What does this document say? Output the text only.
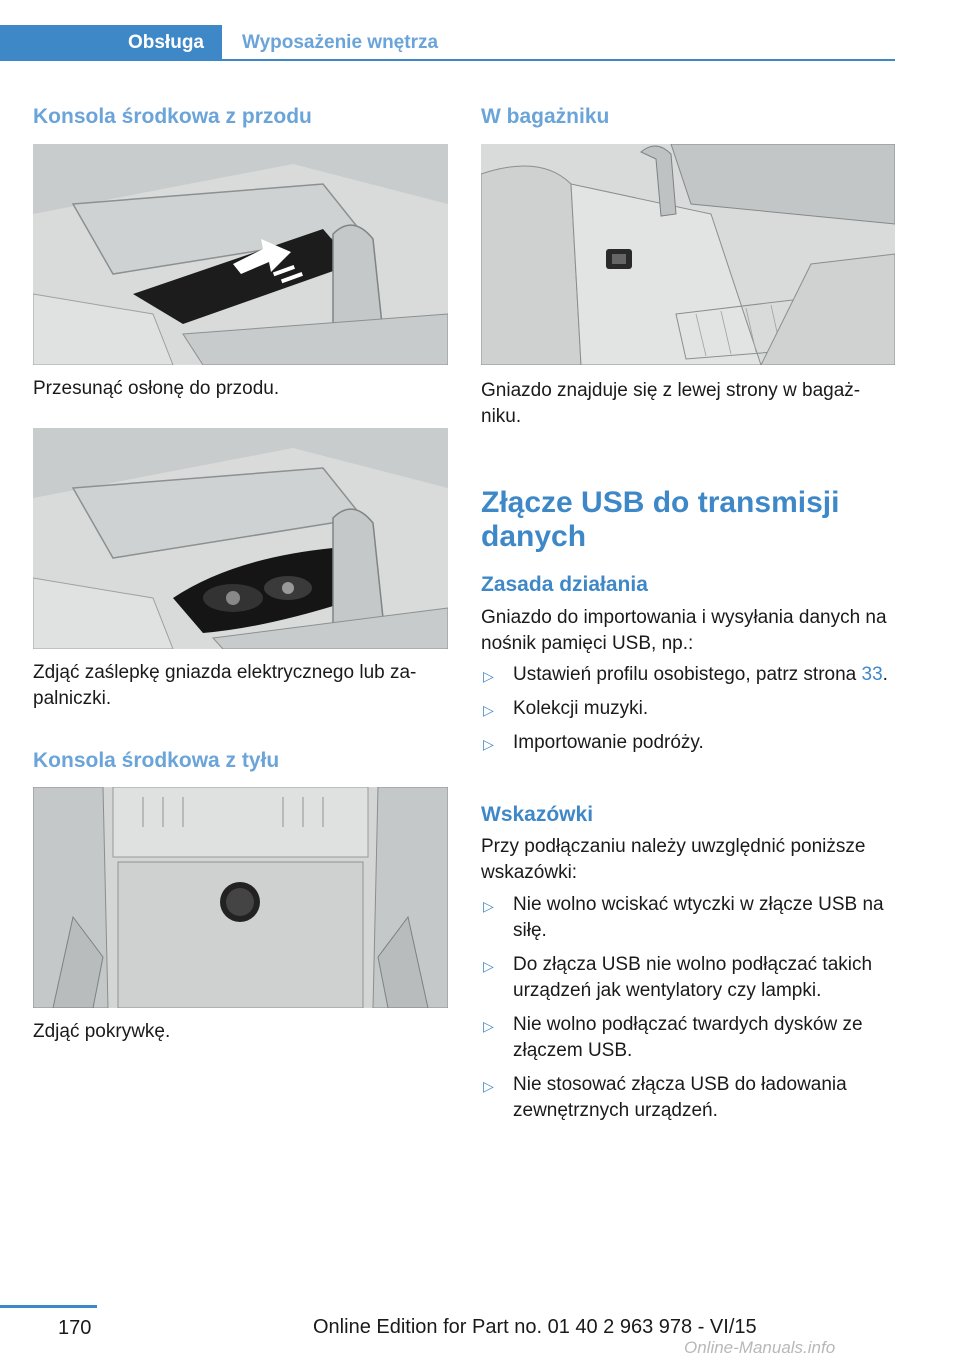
Obsługa	Wyposażenie wnętrza
Konsola środkowa z przodu
Przesunąć osłonę do przodu.
Zdjąć zaślepkę gniazda elektrycznego lub za-palniczki.
Konsola środkowa z tyłu
Zdjąć pokrywkę.
W bagażniku
Gniazdo znajduje się z lewej strony w bagaż-niku.
Złącze USB do transmisji danych
Zasada działania
Gniazdo do importowania i wysyłania danych na nośnik pamięci USB, np.:
▷ Ustawień profilu osobistego, patrz strona 33.
▷ Kolekcji muzyki.
▷ Importowanie podróży.
Wskazówki
Przy podłączaniu należy uwzględnić poniższe wskazówki:
▷ Nie wolno wciskać wtyczki w złącze USB na siłę.
▷ Do złącza USB nie wolno podłączać takich urządzeń jak wentylatory czy lampki.
▷ Nie wolno podłączać twardych dysków ze złączem USB.
▷ Nie stosować złącza USB do ładowania zewnętrznych urządzeń.
170	Online Edition for Part no. 01 40 2 963 978 - VI/15
Online-Manuals.info
